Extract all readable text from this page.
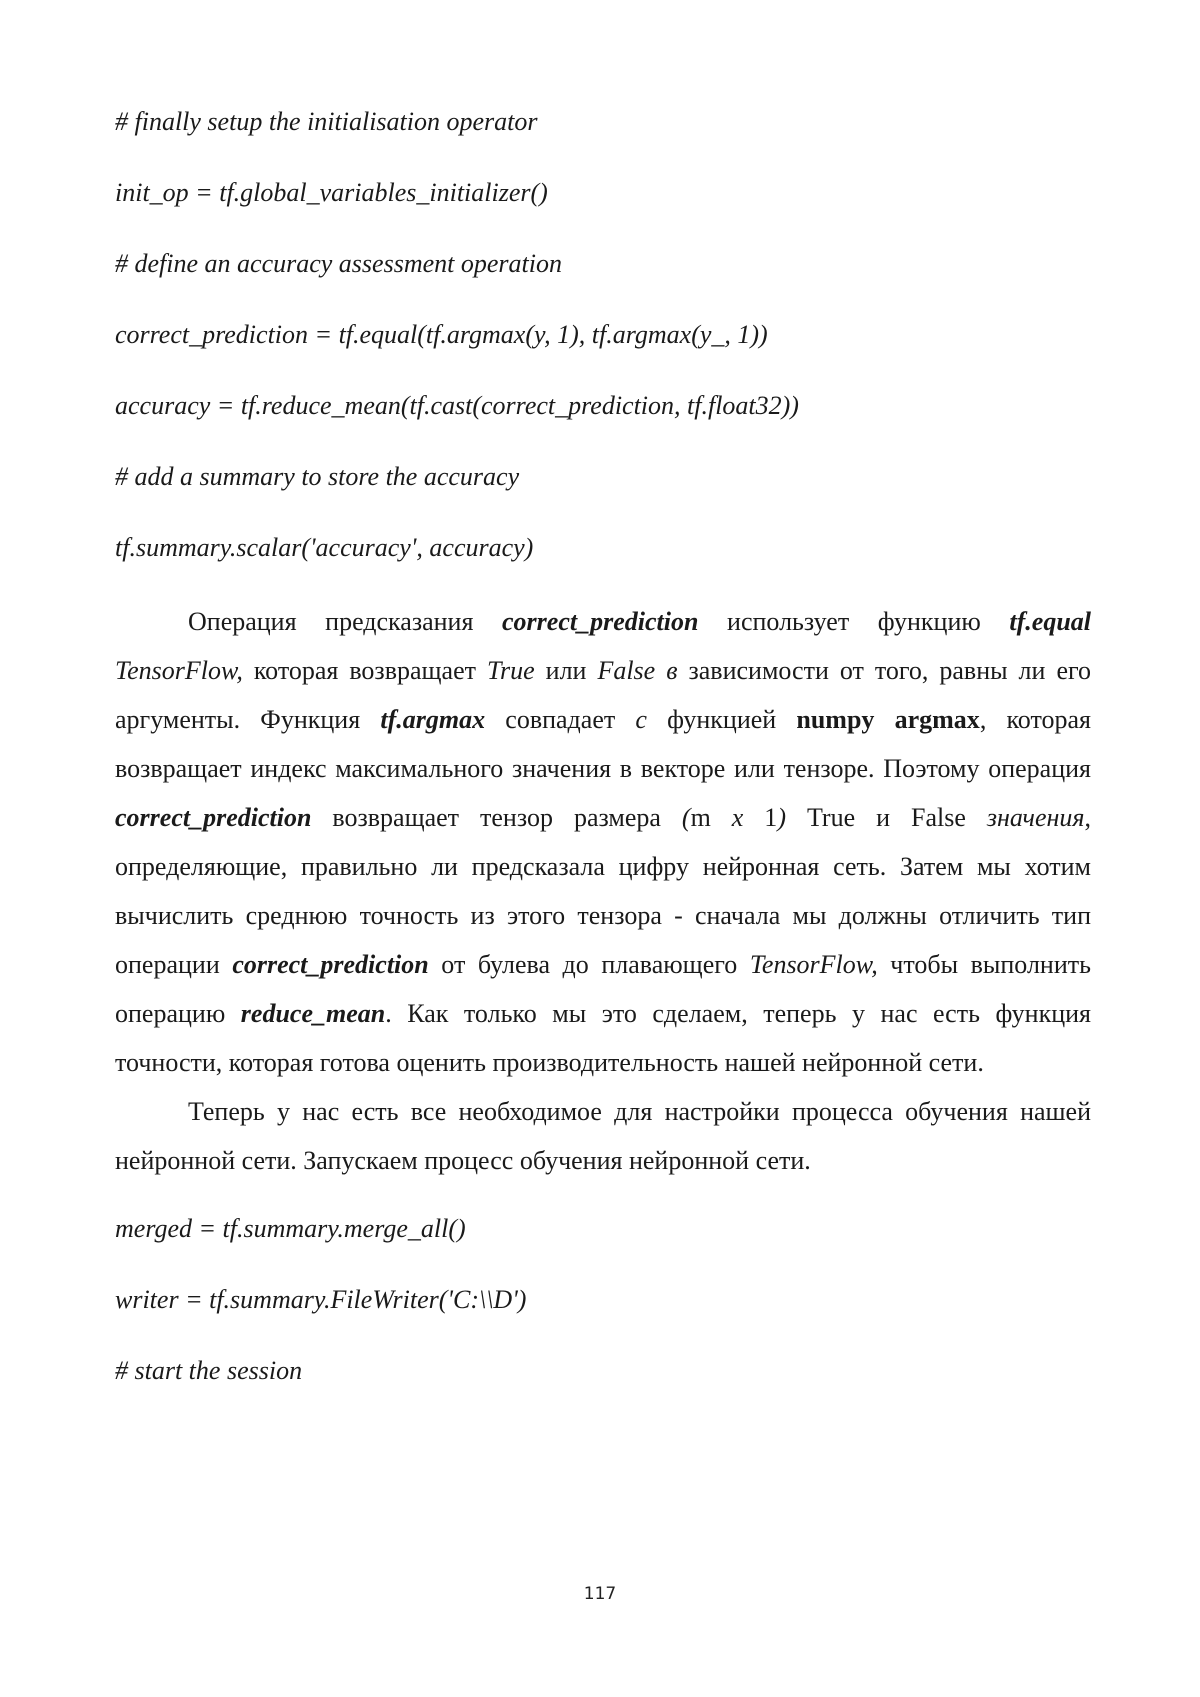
# finally setup the initialisation operator
init_op = tf.global_variables_initializer()
# define an accuracy assessment operation
correct_prediction = tf.equal(tf.argmax(y, 1), tf.argmax(y_, 1))
accuracy = tf.reduce_mean(tf.cast(correct_prediction, tf.float32))
# add a summary to store the accuracy
tf.summary.scalar('accuracy', accuracy)

Операция предсказания correct_prediction использует функцию tf.equal TensorFlow, которая возвращает True или False в зависимости от того, равны ли его аргументы. Функция tf.argmax совпадает с функцией numpy argmax, которая возвращает индекс максимального значения в векторе или тензоре. Поэтому операция correct_prediction возвращает тензор размера (m x 1) True и False значения, определяющие, правильно ли предсказала цифру нейронная сеть. Затем мы хотим вычислить среднюю точность из этого тензора - сначала мы должны отличить тип операции correct_prediction от булева до плавающего TensorFlow, чтобы выполнить операцию reduce_mean. Как только мы это сделаем, теперь у нас есть функция точности, которая готова оценить производительность нашей нейронной сети.

Теперь у нас есть все необходимое для настройки процесса обучения нашей нейронной сети. Запускаем процесс обучения нейронной сети.

merged = tf.summary.merge_all()
writer = tf.summary.FileWriter('C:\\D')
# start the session
117
